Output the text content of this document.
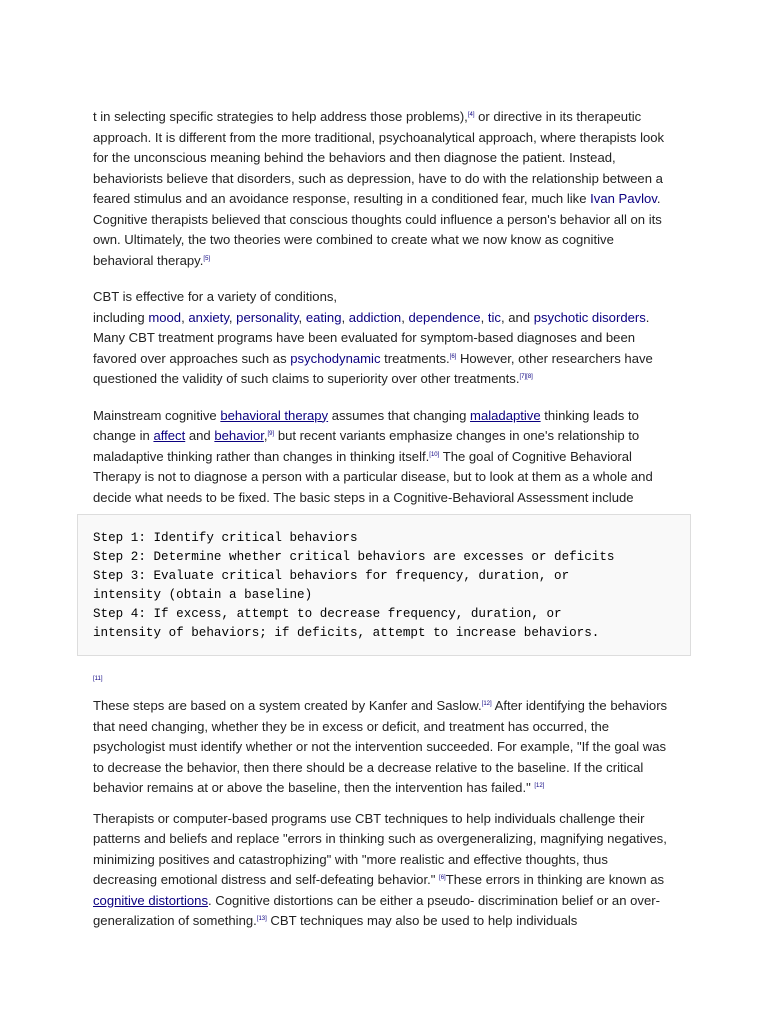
t in selecting specific strategies to help address those problems),[4] or directive in its therapeutic approach. It is different from the more traditional, psychoanalytical approach, where therapists look for the unconscious meaning behind the behaviors and then diagnose the patient. Instead, behaviorists believe that disorders, such as depression, have to do with the relationship between a feared stimulus and an avoidance response, resulting in a conditioned fear, much like Ivan Pavlov. Cognitive therapists believed that conscious thoughts could influence a person's behavior all on its own. Ultimately, the two theories were combined to create what we now know as cognitive behavioral therapy.[5]

CBT is effective for a variety of conditions,
including mood, anxiety, personality, eating, addiction, dependence, tic, and psychotic disorders. Many CBT treatment programs have been evaluated for symptom-based diagnoses and been favored over approaches such as psychodynamic treatments.[6] However, other researchers have questioned the validity of such claims to superiority over other treatments.[7][8]

Mainstream cognitive behavioral therapy assumes that changing maladaptive thinking leads to change in affect and behavior,[9] but recent variants emphasize changes in one's relationship to maladaptive thinking rather than changes in thinking itself.[10] The goal of Cognitive Behavioral Therapy is not to diagnose a person with a particular disease, but to look at them as a whole and decide what needs to be fixed. The basic steps in a Cognitive-Behavioral Assessment include

Step 1: Identify critical behaviors
Step 2: Determine whether critical behaviors are excesses or deficits
Step 3: Evaluate critical behaviors for frequency, duration, or
intensity (obtain a baseline)
Step 4: If excess, attempt to decrease frequency, duration, or
intensity of behaviors; if deficits, attempt to increase behaviors.
[11]

These steps are based on a system created by Kanfer and Saslow.[12] After identifying the behaviors that need changing, whether they be in excess or deficit, and treatment has occurred, the psychologist must identify whether or not the intervention succeeded. For example, "If the goal was to decrease the behavior, then there should be a decrease relative to the baseline. If the critical behavior remains at or above the baseline, then the intervention has failed." [12]

Therapists or computer-based programs use CBT techniques to help individuals challenge their patterns and beliefs and replace "errors in thinking such as overgeneralizing, magnifying negatives, minimizing positives and catastrophizing" with "more realistic and effective thoughts, thus decreasing emotional distress and self-defeating behavior." [6]These errors in thinking are known as cognitive distortions. Cognitive distortions can be either a pseudo- discrimination belief or an over-generalization of something.[13] CBT techniques may also be used to help individuals
